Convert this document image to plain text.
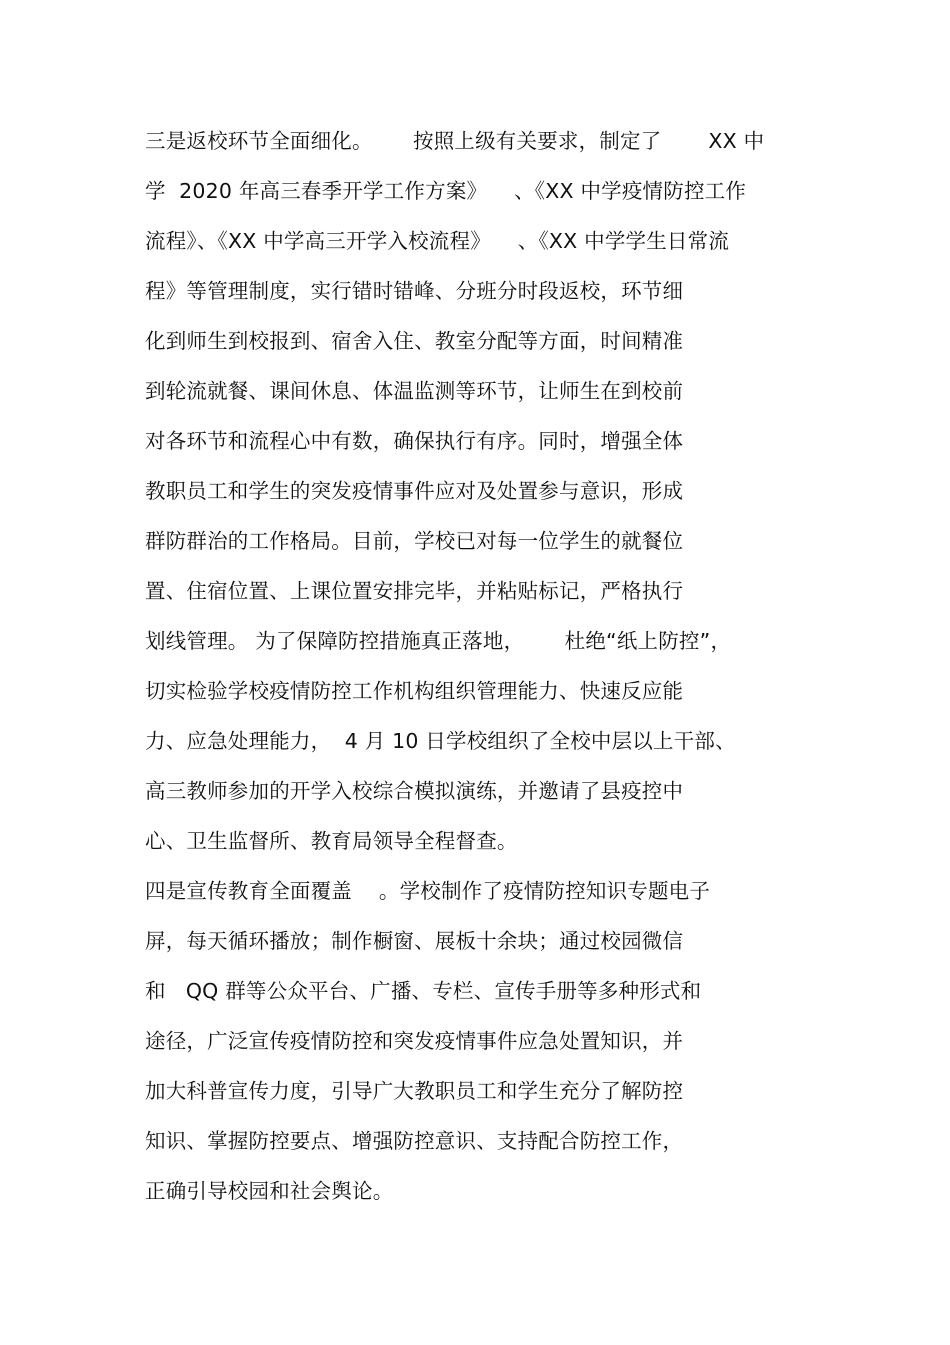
三是返校环节全面细化。      按照上级有关要求，制定了       XX 中
学  2020 年高三春季开学工作方案》    、《XX 中学疫情防控工作
流程》、《XX 中学高三开学入校流程》    、《XX 中学学生日常流
程》等管理制度，实行错时错峰、分班分时段返校，环节细
化到师生到校报到、宿舍入住、教室分配等方面，时间精准
到轮流就餐、课间休息、体温监测等环节，让师生在到校前
对各环节和流程心中有数，确保执行有序。同时，增强全体
教职员工和学生的突发疫情事件应对及处置参与意识，形成
群防群治的工作格局。目前，学校已对每一位学生的就餐位
置、住宿位置、上课位置安排完毕，并粘贴标记，严格执行
划线管理。 为了保障防控措施真正落地，      杜绝“纸上防控”，
切实检验学校疫情防控工作机构组织管理能力、快速反应能
力、应急处理能力，  4 月 10 日学校组织了全校中层以上干部、
高三教师参加的开学入校综合模拟演练，并邀请了县疫控中
心、卫生监督所、教育局领导全程督查。
四是宣传教育全面覆盖    。学校制作了疫情防控知识专题电子
屏，每天循环播放；制作橱窗、展板十余块；通过校园微信
和   QQ 群等公众平台、广播、专栏、宣传手册等多种形式和
途径，广泛宣传疫情防控和突发疫情事件应急处置知识，并
加大科普宣传力度，引导广大教职员工和学生充分了解防控
知识、掌握防控要点、增强防控意识、支持配合防控工作，
正确引导校园和社会舆论。
